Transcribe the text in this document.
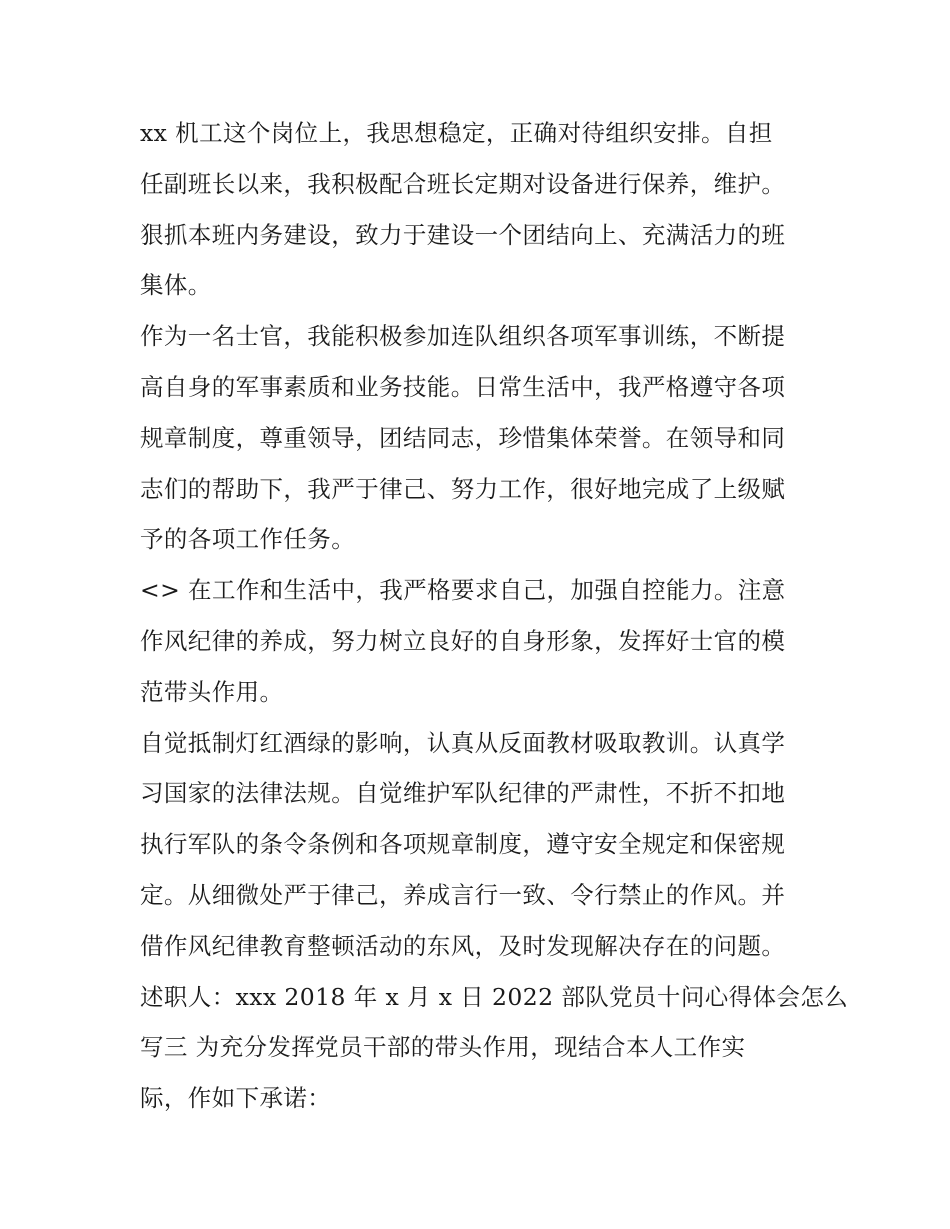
xx 机工这个岗位上，我思想稳定，正确对待组织安排。自担
任副班长以来，我积极配合班长定期对设备进行保养，维护。
狠抓本班内务建设，致力于建设一个团结向上、充满活力的班
集体。
作为一名士官，我能积极参加连队组织各项军事训练，不断提
高自身的军事素质和业务技能。日常生活中，我严格遵守各项
规章制度，尊重领导，团结同志，珍惜集体荣誉。在领导和同
志们的帮助下，我严于律己、努力工作，很好地完成了上级赋
予的各项工作任务。
<> 在工作和生活中，我严格要求自己，加强自控能力。注意
作风纪律的养成，努力树立良好的自身形象，发挥好士官的模
范带头作用。
自觉抵制灯红酒绿的影响，认真从反面教材吸取教训。认真学
习国家的法律法规。自觉维护军队纪律的严肃性，不折不扣地
执行军队的条令条例和各项规章制度，遵守安全规定和保密规
定。从细微处严于律己，养成言行一致、令行禁止的作风。并
借作风纪律教育整顿活动的东风，及时发现解决存在的问题。
述职人：xxx 2018 年 x 月 x 日 2022 部队党员十问心得体会怎么
写三 为充分发挥党员干部的带头作用，现结合本人工作实
际，作如下承诺：
